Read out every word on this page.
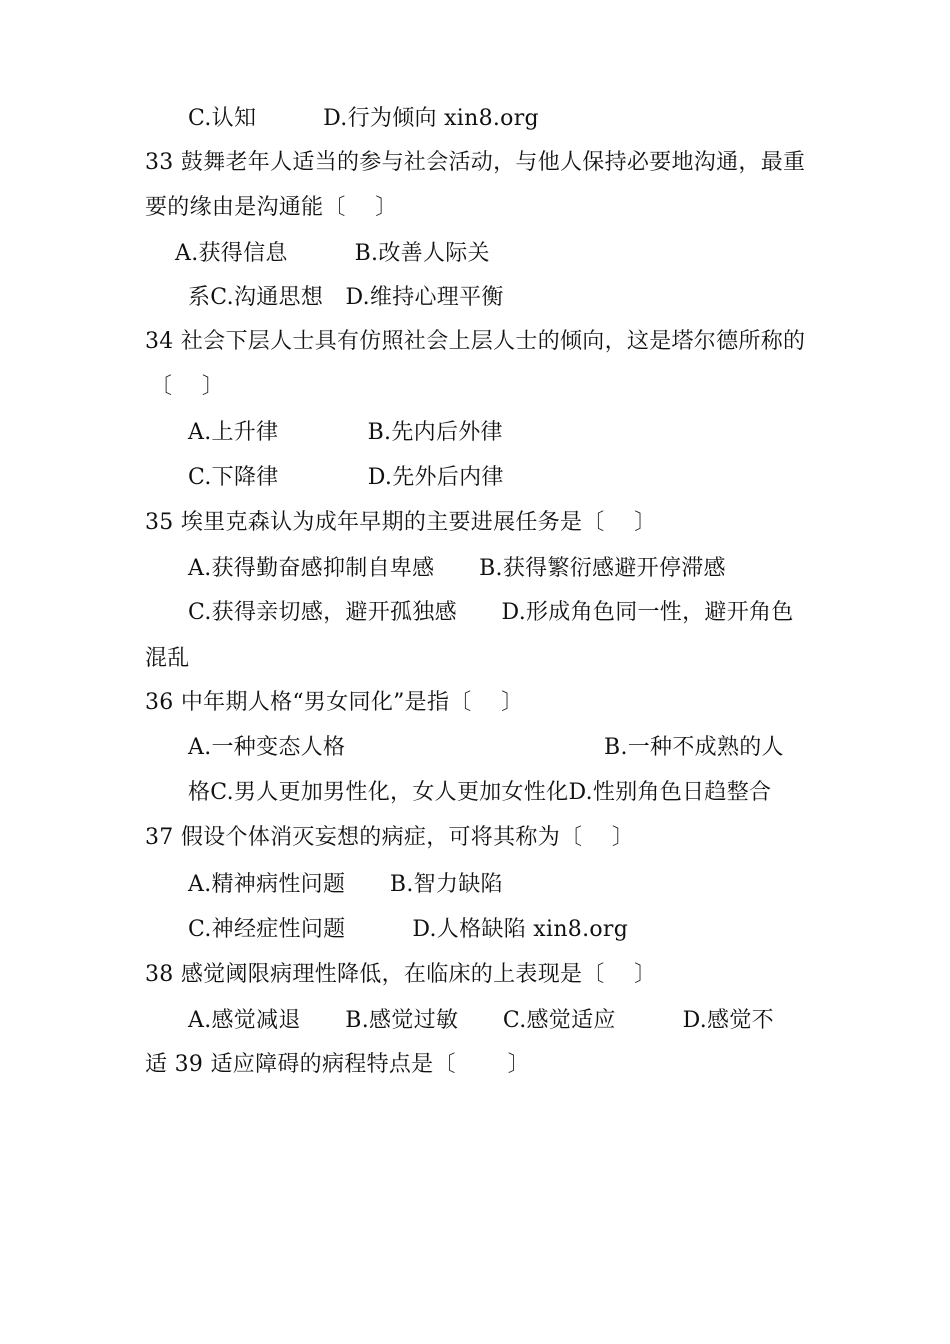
C.认知　　　D.行为倾向 xin8.org
33 鼓舞老年人适当的参与社会活动，与他人保持必要地沟通，最重
要的缘由是沟通能〔　 〕
A.获得信息　　　B.改善人际关
系C.沟通思想　D.维持心理平衡
34 社会下层人士具有仿照社会上层人士的倾向，这是塔尔德所称的
〔　 〕
A.上升律　　　　B.先内后外律
C.下降律　　　　D.先外后内律
35 埃里克森认为成年早期的主要进展任务是〔　 〕
A.获得勤奋感抑制自卑感　　B.获得繁衍感避开停滞感
C.获得亲切感，避开孤独感　　D.形成角色同一性，避开角色
混乱
36 中年期人格“男女同化”是指〔　 〕
A.一种变态人格	B.一种不成熟的人
格C.男人更加男性化，女人更加女性化D.性别角色日趋整合
37 假设个体消灭妄想的病症，可将其称为〔　 〕
A.精神病性问题　　B.智力缺陷
C.神经症性问题　　　D.人格缺陷 xin8.org
38 感觉阈限病理性降低，在临床的上表现是〔　 〕
A.感觉减退　　B.感觉过敏　　C.感觉适应　　　D.感觉不
适 39 适应障碍的病程特点是〔　　 〕
